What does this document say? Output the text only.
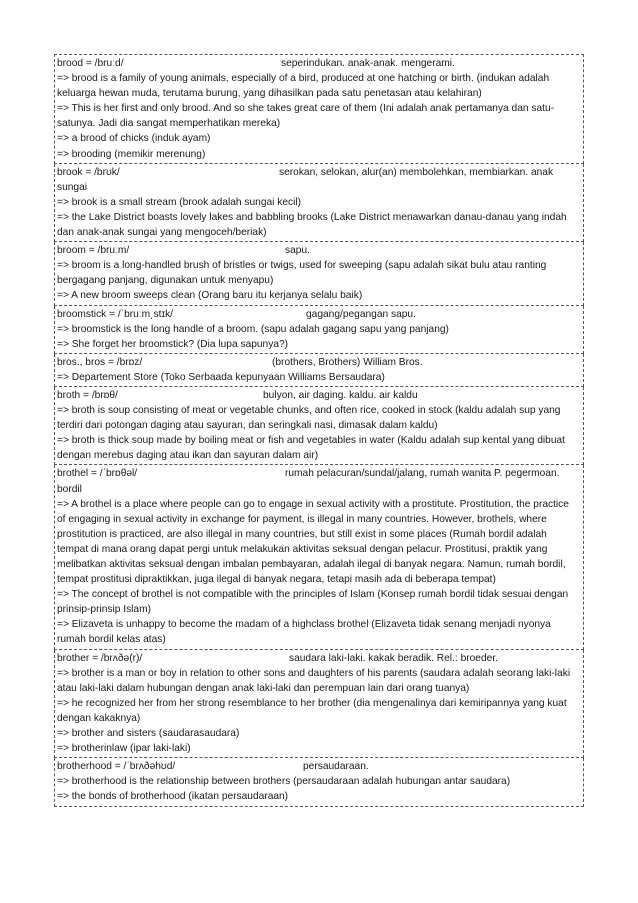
brood = /bruːd/	seperindukan. anak-anak. mengerami.

=> brood is a family of young animals, especially of a bird, produced at one hatching or birth. (indukan adalah keluarga hewan muda, terutama burung, yang dihasilkan pada satu penetasan atau kelahiran)

=> This is her first and only brood. And so she takes great care of them (Ini adalah anak pertamanya dan satu-satunya. Jadi dia sangat memperhatikan mereka)

=> a brood of chicks (induk ayam)

=> brooding (memikir merenung)

brook = /brʊk/	serokan, selokan, alur(an) membolehkan, membiarkan. anak sungai

=> brook is a small stream (brook adalah sungai kecil)

=> the Lake District boasts lovely lakes and babbling brooks (Lake District menawarkan danau-danau yang indah dan anak-anak sungai yang mengoceh/beriak)

broom = /bruːm/	sapu.

=> broom is a long-handled brush of bristles or twigs, used for sweeping (sapu adalah sikat bulu atau ranting bergagang panjang, digunakan untuk menyapu)

=> A new broom sweeps clean (Orang baru itu kerjanya selalu baik)

broomstick = /ˈbruːm͵stɪk/	gagang/pegangan sapu.

=> broomstick is the long handle of a broom. (sapu adalah gagang sapu yang panjang)

=> She forget her broomstick? (Dia lupa sapunya?)

bros., bros = /brɒz/	(brothers, Brothers) William Bros.

=> Departement Store (Toko Serbaada kepunyaan Williams Bersaudara)

broth = /brɒθ/	bulyon, air daging. kaldu. air kaldu

=> broth is soup consisting of meat or vegetable chunks, and often rice, cooked in stock (kaldu adalah sup yang terdiri dari potongan daging atau sayuran, dan seringkali nasi, dimasak dalam kaldu)

=> broth is thick soup made by boiling meat or fish and vegetables in water (Kaldu adalah sup kental yang dibuat dengan merebus daging atau ikan dan sayuran dalam air)

brothel = /ˈbrɒθəl/	rumah pelacuran/sundal/jalang, rumah wanita P. pegermoan. bordil

=> A brothel is a place where people can go to engage in sexual activity with a prostitute. Prostitution, the practice of engaging in sexual activity in exchange for payment, is illegal in many countries. However, brothels, where prostitution is practiced, are also illegal in many countries, but still exist in some places (Rumah bordil adalah tempat di mana orang dapat pergi untuk melakukan aktivitas seksual dengan pelacur. Prostitusi, praktik yang melibatkan aktivitas seksual dengan imbalan pembayaran, adalah ilegal di banyak negara. Namun, rumah bordil, tempat prostitusi dipraktikkan, juga ilegal di banyak negara, tetapi masih ada di beberapa tempat)

=> The concept of brothel is not compatible with the principles of Islam (Konsep rumah bordil tidak sesuai dengan prinsip-prinsip Islam)

=> Elizaveta is unhappy to become the madam of a highclass brothel (Elizaveta tidak senang menjadi nyonya rumah bordil kelas atas)

brother = /brʌðə(r)/	saudara laki-laki. kakak beradik. Rel.: broeder.

=> brother is a man or boy in relation to other sons and daughters of his parents (saudara adalah seorang laki-laki atau laki-laki dalam hubungan dengan anak laki-laki dan perempuan lain dari orang tuanya)

=> he recognized her from her strong resemblance to her brother (dia mengenalinya dari kemiripannya yang kuat dengan kakaknya)

=> brother and sisters (saudarasaudara)

=> brotherinlaw (ipar laki-laki)

brotherhood = /ˈbrʌðəhʊd/	persaudaraan.

=> brotherhood is the relationship between brothers (persaudaraan adalah hubungan antar saudara)

=> the bonds of brotherhood (ikatan persaudaraan)
